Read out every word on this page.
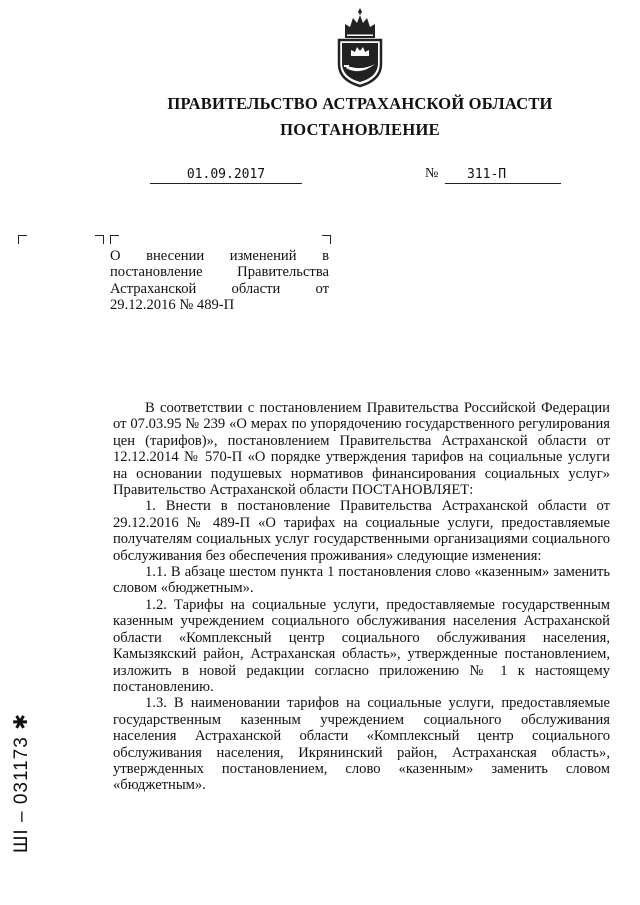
ПРАВИТЕЛЬСТВО АСТРАХАНСКОЙ ОБЛАСТИ
ПОСТАНОВЛЕНИЕ
01.09.2017	№	311-П
О внесении изменений в постановление Правительства Астраханской области от 29.12.2016 № 489-П

В соответствии с постановлением Правительства Российской Федерации от 07.03.95 № 239 «О мерах по упорядочению государственного регулирования цен (тарифов)», постановлением Правительства Астраханской области от 12.12.2014 № 570-П «О порядке утверждения тарифов на социальные услуги на основании подушевых нормативов финансирования социальных услуг» Правительство Астраханской области ПОСТАНОВЛЯЕТ:

1. Внести в постановление Правительства Астраханской области от 29.12.2016 № 489-П «О тарифах на социальные услуги, предоставляемые получателям социальных услуг государственными организациями социального обслуживания без обеспечения проживания» следующие изменения:

1.1. В абзаце шестом пункта 1 постановления слово «казенным» заменить словом «бюджетным».

1.2. Тарифы на социальные услуги, предоставляемые государственным казенным учреждением социального обслуживания населения Астраханской области «Комплексный центр социального обслуживания населения, Камызякский район, Астраханская область», утвержденные постановлением, изложить в новой редакции согласно приложению № 1 к настоящему постановлению.

1.3. В наименовании тарифов на социальные услуги, предоставляемые государственным казенным учреждением социального обслуживания населения Астраханской области «Комплексный центр социального обслуживания населения, Икрянинский район, Астраханская область», утвержденных постановлением, слово «казенным» заменить словом «бюджетным».

ШІ – 031173 ✱
